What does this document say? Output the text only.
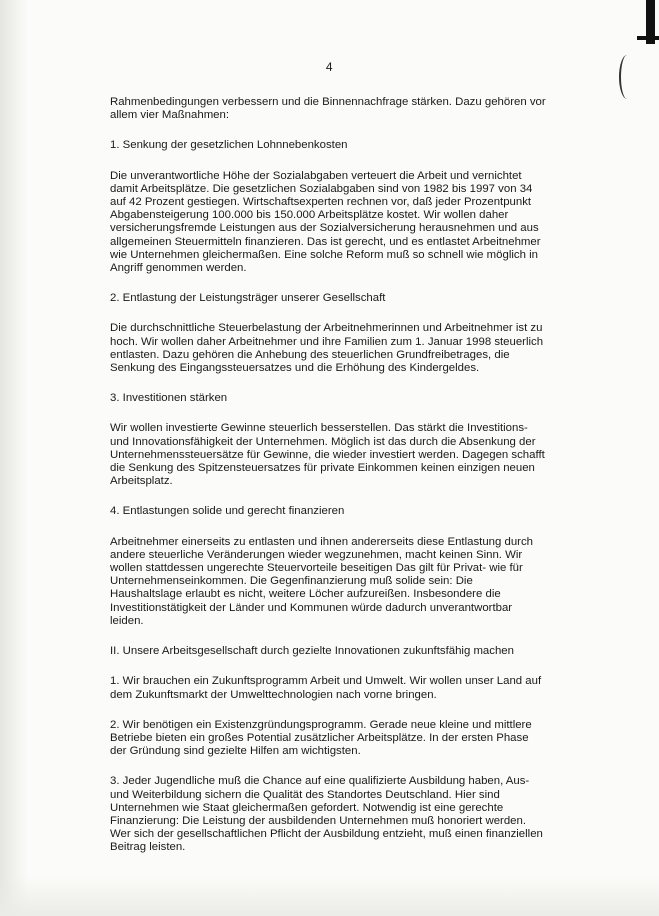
4

Rahmenbedingungen verbessern und die Binnennachfrage stärken. Dazu gehören vor allem vier Maßnahmen:

1. Senkung der gesetzlichen Lohnnebenkosten

Die unverantwortliche Höhe der Sozialabgaben verteuert die Arbeit und vernichtet damit Arbeitsplätze. Die gesetzlichen Sozialabgaben sind von 1982 bis 1997 von 34 auf 42 Prozent gestiegen. Wirtschaftsexperten rechnen vor, daß jeder Prozentpunkt Abgabensteigerung 100.000 bis 150.000 Arbeitsplätze kostet. Wir wollen daher versicherungsfremde Leistungen aus der Sozialversicherung herausnehmen und aus allgemeinen Steuermitteln finanzieren. Das ist gerecht, und es entlastet Arbeitnehmer wie Unternehmen gleichermaßen. Eine solche Reform muß so schnell wie möglich in Angriff genommen werden.

2. Entlastung der Leistungsträger unserer Gesellschaft

Die durchschnittliche Steuerbelastung der Arbeitnehmerinnen und Arbeitnehmer ist zu hoch. Wir wollen daher Arbeitnehmer und ihre Familien zum 1. Januar 1998 steuerlich entlasten. Dazu gehören die Anhebung des steuerlichen Grundfreibetrages, die Senkung des Eingangssteuersatzes und die Erhöhung des Kindergeldes.

3. Investitionen stärken

Wir wollen investierte Gewinne steuerlich besserstellen. Das stärkt die Investitions- und Innovationsfähigkeit der Unternehmen. Möglich ist das durch die Absenkung der Unternehmenssteuersätze für Gewinne, die wieder investiert werden. Dagegen schafft die Senkung des Spitzensteuersatzes für private Einkommen keinen einzigen neuen Arbeitsplatz.

4. Entlastungen solide und gerecht finanzieren

Arbeitnehmer einerseits zu entlasten und ihnen andererseits diese Entlastung durch andere steuerliche Veränderungen wieder wegzunehmen, macht keinen Sinn. Wir wollen stattdessen ungerechte Steuervorteile beseitigen Das gilt für Privat- wie für Unternehmenseinkommen. Die Gegenfinanzierung muß solide sein: Die Haushaltslage erlaubt es nicht, weitere Löcher aufzureißen. Insbesondere die Investitionstätigkeit der Länder und Kommunen würde dadurch unverantwortbar leiden.

II. Unsere Arbeitsgesellschaft durch gezielte Innovationen zukunftsfähig machen

1. Wir brauchen ein Zukunftsprogramm Arbeit und Umwelt. Wir wollen unser Land auf dem Zukunftsmarkt der Umwelttechnologien nach vorne bringen.

2. Wir benötigen ein Existenzgründungsprogramm. Gerade neue kleine und mittlere Betriebe bieten ein großes Potential zusätzlicher Arbeitsplätze. In der ersten Phase der Gründung sind gezielte Hilfen am wichtigsten.

3. Jeder Jugendliche muß die Chance auf eine qualifizierte Ausbildung haben, Aus- und Weiterbildung sichern die Qualität des Standortes Deutschland. Hier sind Unternehmen wie Staat gleichermaßen gefordert. Notwendig ist eine gerechte Finanzierung: Die Leistung der ausbildenden Unternehmen muß honoriert werden. Wer sich der gesellschaftlichen Pflicht der Ausbildung entzieht, muß einen finanziellen Beitrag leisten.
